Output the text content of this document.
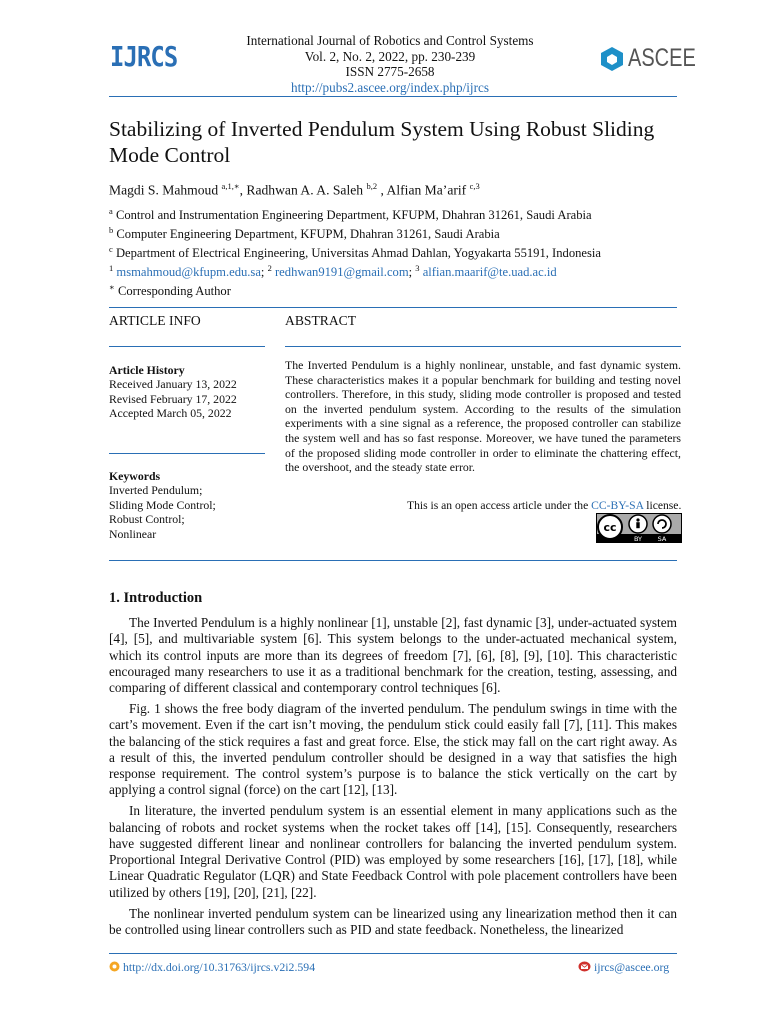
IJRCS	International Journal of Robotics and Control Systems
Vol. 2, No. 2, 2022, pp. 230-239
ISSN 2775-2658
http://pubs2.ascee.org/index.php/ijrcs
ASCEE
Stabilizing of Inverted Pendulum System Using Robust Sliding Mode Control
Magdi S. Mahmoud $^{a,1,∗}$, Radhwan A. A. Saleh $^{b,2}$ , Alfian Ma’arif $^{c,3}$
$^a$ Control and Instrumentation Engineering Department, KFUPM, Dhahran 31261, Saudi Arabia
$^b$ Computer Engineering Department, KFUPM, Dhahran 31261, Saudi Arabia
$^c$ Department of Electrical Engineering, Universitas Ahmad Dahlan, Yogyakarta 55191, Indonesia
$^1$ msmahmoud@kfupm.edu.sa; $^2$ redhwan9191@gmail.com; $^3$ alfian.maarif@te.uad.ac.id
∗ Corresponding Author
ARTICLE INFO	ABSTRACT
Article History
Received January 13, 2022
Revised February 17, 2022
Accepted March 05, 2022
Keywords
Inverted Pendulum;
Sliding Mode Control;
Robust Control;
Nonlinear
The Inverted Pendulum is a highly nonlinear, unstable, and fast dynamic system. These characteristics makes it a popular benchmark for building and testing novel controllers. Therefore, in this study, sliding mode controller is proposed and tested on the inverted pendulum system. According to the results of the simulation experiments with a sine signal as a reference, the proposed controller can stabilize the system well and has so fast response. Moreover, we have tuned the parameters of the proposed sliding mode controller in order to eliminate the chattering effect, the overshoot, and the steady state error.
This is an open access article under the CC-BY-SA license.
cc
BY SA
1. Introduction

The Inverted Pendulum is a highly nonlinear [1], unstable [2], fast dynamic [3], under-actuated system [4], [5], and multivariable system [6]. This system belongs to the under-actuated mechanical system, which its control inputs are more than its degrees of freedom [7], [6], [8], [9], [10]. This characteristic encouraged many researchers to use it as a traditional benchmark for the creation, testing, assessing, and comparing of different classical and contemporary control techniques [6].

Fig. 1 shows the free body diagram of the inverted pendulum. The pendulum swings in time with the cart’s movement. Even if the cart isn’t moving, the pendulum stick could easily fall [7], [11]. This makes the balancing of the stick requires a fast and great force. Else, the stick may fall on the cart right away. As a result of this, the inverted pendulum controller should be designed in a way that satisfies the high response requirement. The control system’s purpose is to balance the stick vertically on the cart by applying a control signal (force) on the cart [12], [13].

In literature, the inverted pendulum system is an essential element in many applications such as the balancing of robots and rocket systems when the rocket takes off [14], [15]. Consequently, researchers have suggested different linear and nonlinear controllers for balancing the inverted pendulum system. Proportional Integral Derivative Control (PID) was employed by some researchers [16], [17], [18], while Linear Quadratic Regulator (LQR) and State Feedback Control with pole placement controllers have been utilized by others [19], [20], [21], [22].

The nonlinear inverted pendulum system can be linearized using any linearization method then it can be controlled using linear controllers such as PID and state feedback. Nonetheless, the linearized

http://dx.doi.org/10.31763/ijrcs.v2i2.594	ijrcs@ascee.org
